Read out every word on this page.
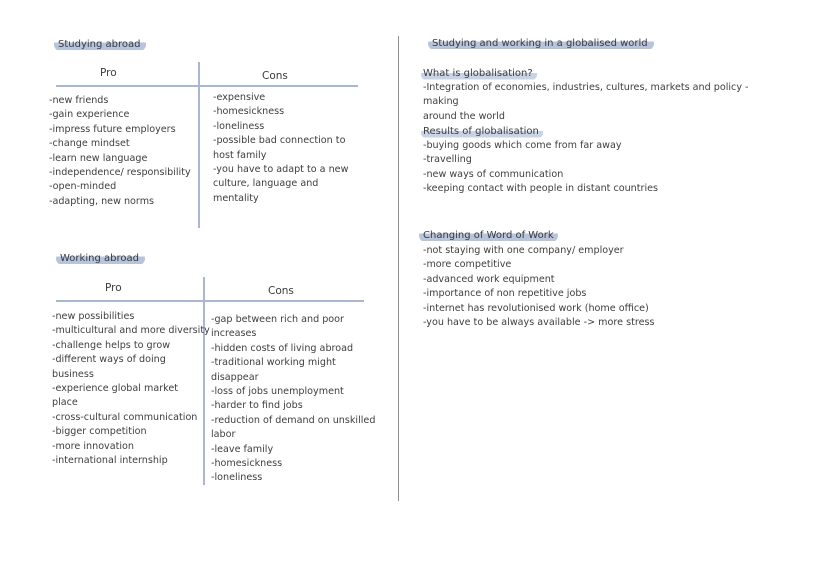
Studying abroad
Pro	Cons
-new friends
-gain experience
-impress future employers
-change mindset
-learn new language
-independence/ responsibility
-open-minded
-adapting, new norms
-expensive
-homesickness
-loneliness
-possible bad connection to
host family
-you have to adapt to a new
culture, language and
mentality
Working abroad
Pro	Cons
-new possibilities
-multicultural and more diversity
-challenge helps to grow
-different ways of doing
business
-experience global market
place
-cross-cultural communication
-bigger competition
-more innovation
-international internship
-gap between rich and poor
increases
-hidden costs of living abroad
-traditional working might
disappear
-loss of jobs unemployment
-harder to find jobs
-reduction of demand on unskilled
labor
-leave family
-homesickness
-loneliness
Studying and working in a globalised world
What is globalisation?
-Integration of economies, industries, cultures, markets and policy - making
around the world
Results of globalisation
-buying goods which come from far away
-travelling
-new ways of communication
-keeping contact with people in distant countries
Changing of Word of Work
-not staying with one company/ employer
-more competitive
-advanced work equipment
-importance of non repetitive jobs
-internet has revolutionised work (home office)
-you have to be always available -> more stress
